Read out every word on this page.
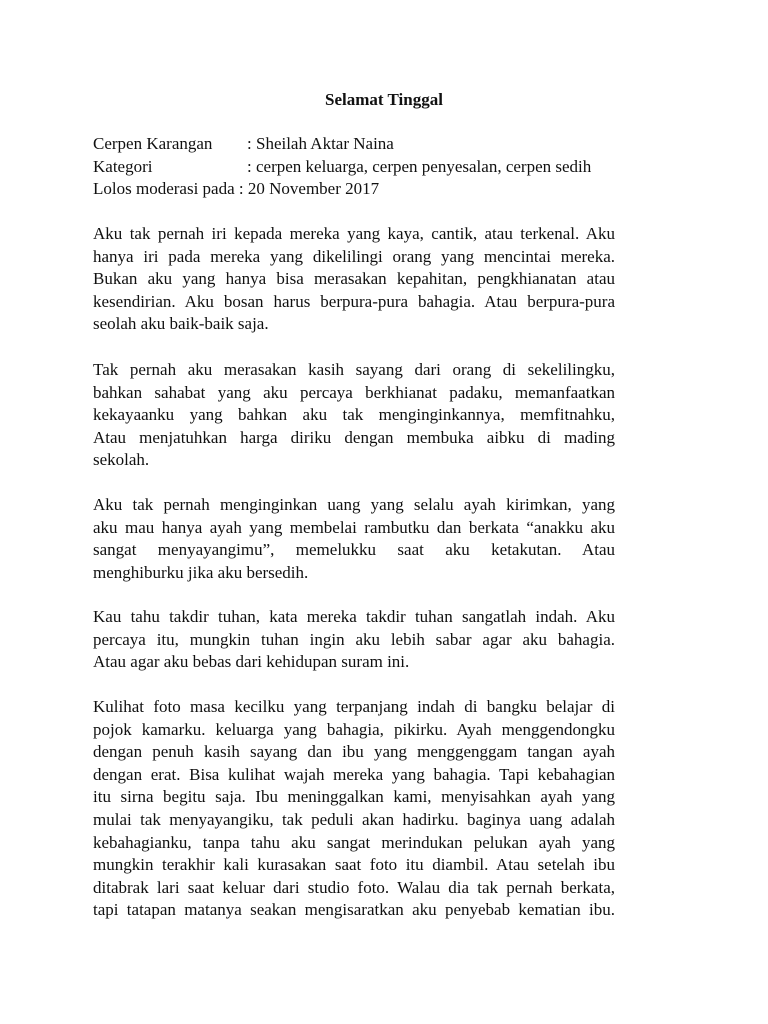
Selamat Tinggal
Cerpen Karangan	: Sheilah Aktar Naina
Kategori	: cerpen keluarga, cerpen penyesalan, cerpen sedih
Lolos moderasi pada : 20 November 2017
Aku tak pernah iri kepada mereka yang kaya, cantik, atau terkenal. Aku
hanya iri pada mereka yang dikelilingi orang yang mencintai mereka.
Bukan aku yang hanya bisa merasakan kepahitan, pengkhianatan atau
kesendirian. Aku bosan harus berpura-pura bahagia. Atau berpura-pura
seolah aku baik-baik saja.
Tak pernah aku merasakan kasih sayang dari orang di sekelilingku,
bahkan sahabat yang aku percaya berkhianat padaku, memanfaatkan
kekayaanku yang bahkan aku tak menginginkannya, memfitnahku,
Atau menjatuhkan harga diriku dengan membuka aibku di mading
sekolah.
Aku tak pernah menginginkan uang yang selalu ayah kirimkan, yang
aku mau hanya ayah yang membelai rambutku dan berkata “anakku aku
sangat menyayangimu”, memelukku saat aku ketakutan. Atau
menghiburku jika aku bersedih.
Kau tahu takdir tuhan, kata mereka takdir tuhan sangatlah indah. Aku
percaya itu, mungkin tuhan ingin aku lebih sabar agar aku bahagia.
Atau agar aku bebas dari kehidupan suram ini.
Kulihat foto masa kecilku yang terpanjang indah di bangku belajar di
pojok kamarku. keluarga yang bahagia, pikirku. Ayah menggendongku
dengan penuh kasih sayang dan ibu yang menggenggam tangan ayah
dengan erat. Bisa kulihat wajah mereka yang bahagia. Tapi kebahagian
itu sirna begitu saja. Ibu meninggalkan kami, menyisahkan ayah yang
mulai tak menyayangiku, tak peduli akan hadirku. baginya uang adalah
kebahagianku, tanpa tahu aku sangat merindukan pelukan ayah yang
mungkin terakhir kali kurasakan saat foto itu diambil. Atau setelah ibu
ditabrak lari saat keluar dari studio foto. Walau dia tak pernah berkata,
tapi tatapan matanya seakan mengisaratkan aku penyebab kematian ibu.
